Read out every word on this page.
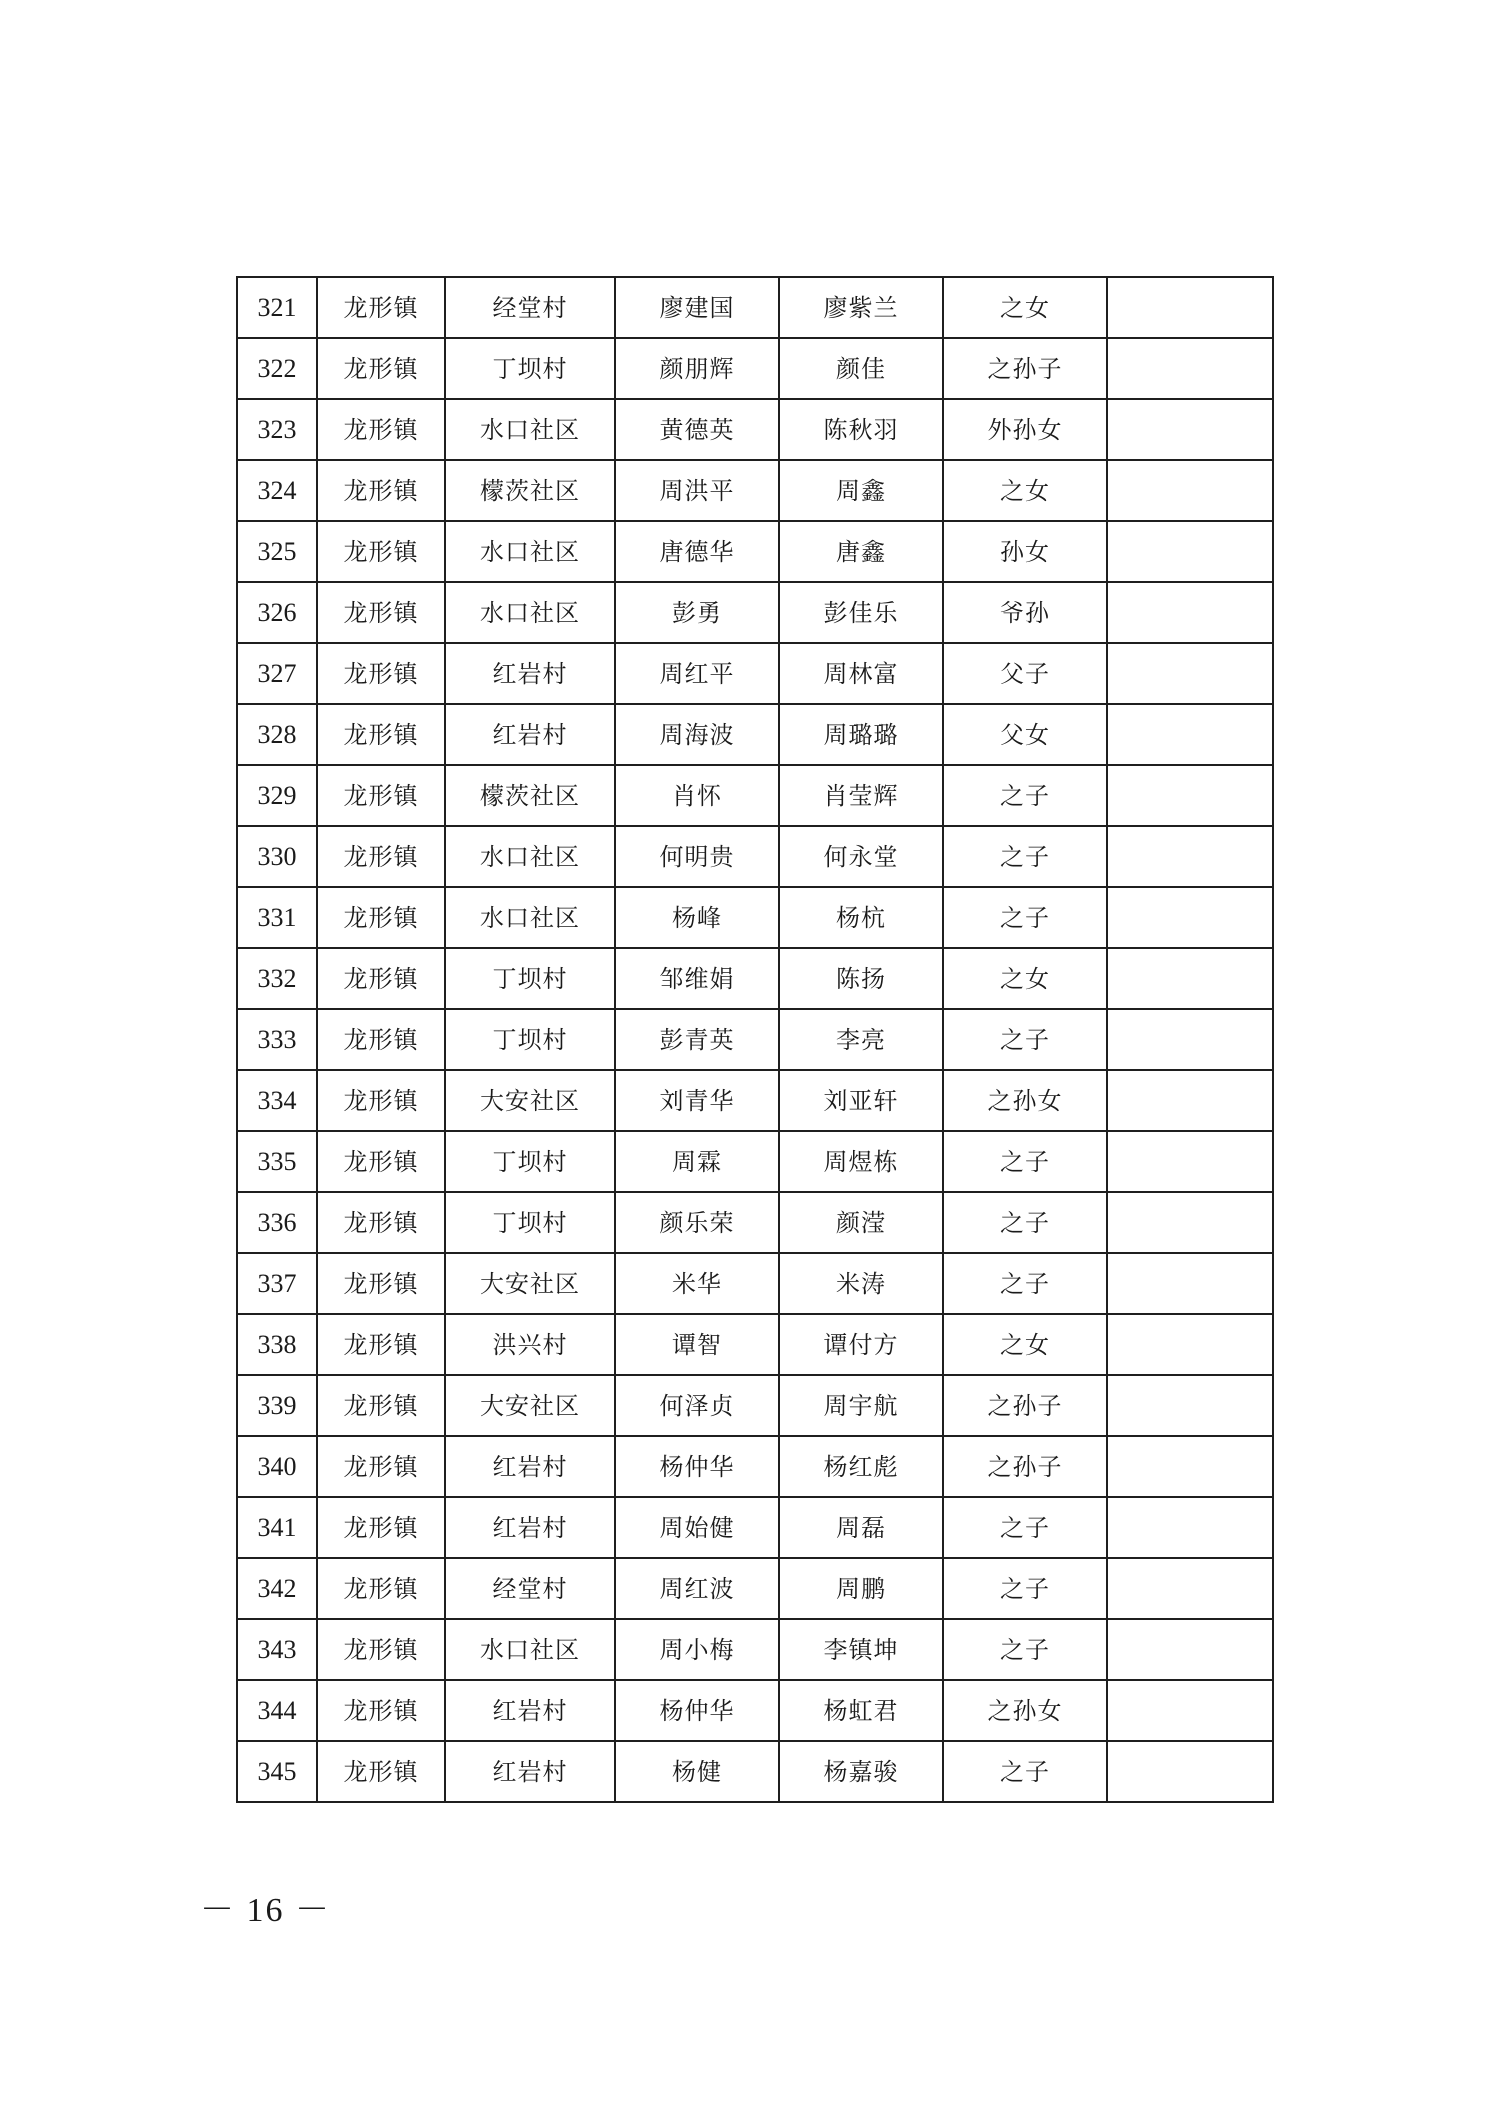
321	龙形镇	经堂村	廖建国	廖紫兰	之女	
322	龙形镇	丁坝村	颜朋辉	颜佳	之孙子	
323	龙形镇	水口社区	黄德英	陈秋羽	外孙女	
324	龙形镇	檬茨社区	周洪平	周鑫	之女	
325	龙形镇	水口社区	唐德华	唐鑫	孙女	
326	龙形镇	水口社区	彭勇	彭佳乐	爷孙	
327	龙形镇	红岩村	周红平	周林富	父子	
328	龙形镇	红岩村	周海波	周璐璐	父女	
329	龙形镇	檬茨社区	肖怀	肖莹辉	之子	
330	龙形镇	水口社区	何明贵	何永堂	之子	
331	龙形镇	水口社区	杨峰	杨杭	之子	
332	龙形镇	丁坝村	邹维娟	陈扬	之女	
333	龙形镇	丁坝村	彭青英	李亮	之子	
334	龙形镇	大安社区	刘青华	刘亚轩	之孙女	
335	龙形镇	丁坝村	周霖	周煜栋	之子	
336	龙形镇	丁坝村	颜乐荣	颜滢	之子	
337	龙形镇	大安社区	米华	米涛	之子	
338	龙形镇	洪兴村	谭智	谭付方	之女	
339	龙形镇	大安社区	何泽贞	周宇航	之孙子	
340	龙形镇	红岩村	杨仲华	杨红彪	之孙子	
341	龙形镇	红岩村	周始健	周磊	之子	
342	龙形镇	经堂村	周红波	周鹏	之子	
343	龙形镇	水口社区	周小梅	李镇坤	之子	
344	龙形镇	红岩村	杨仲华	杨虹君	之孙女	
345	龙形镇	红岩村	杨健	杨嘉骏	之子	
－ 16 －
